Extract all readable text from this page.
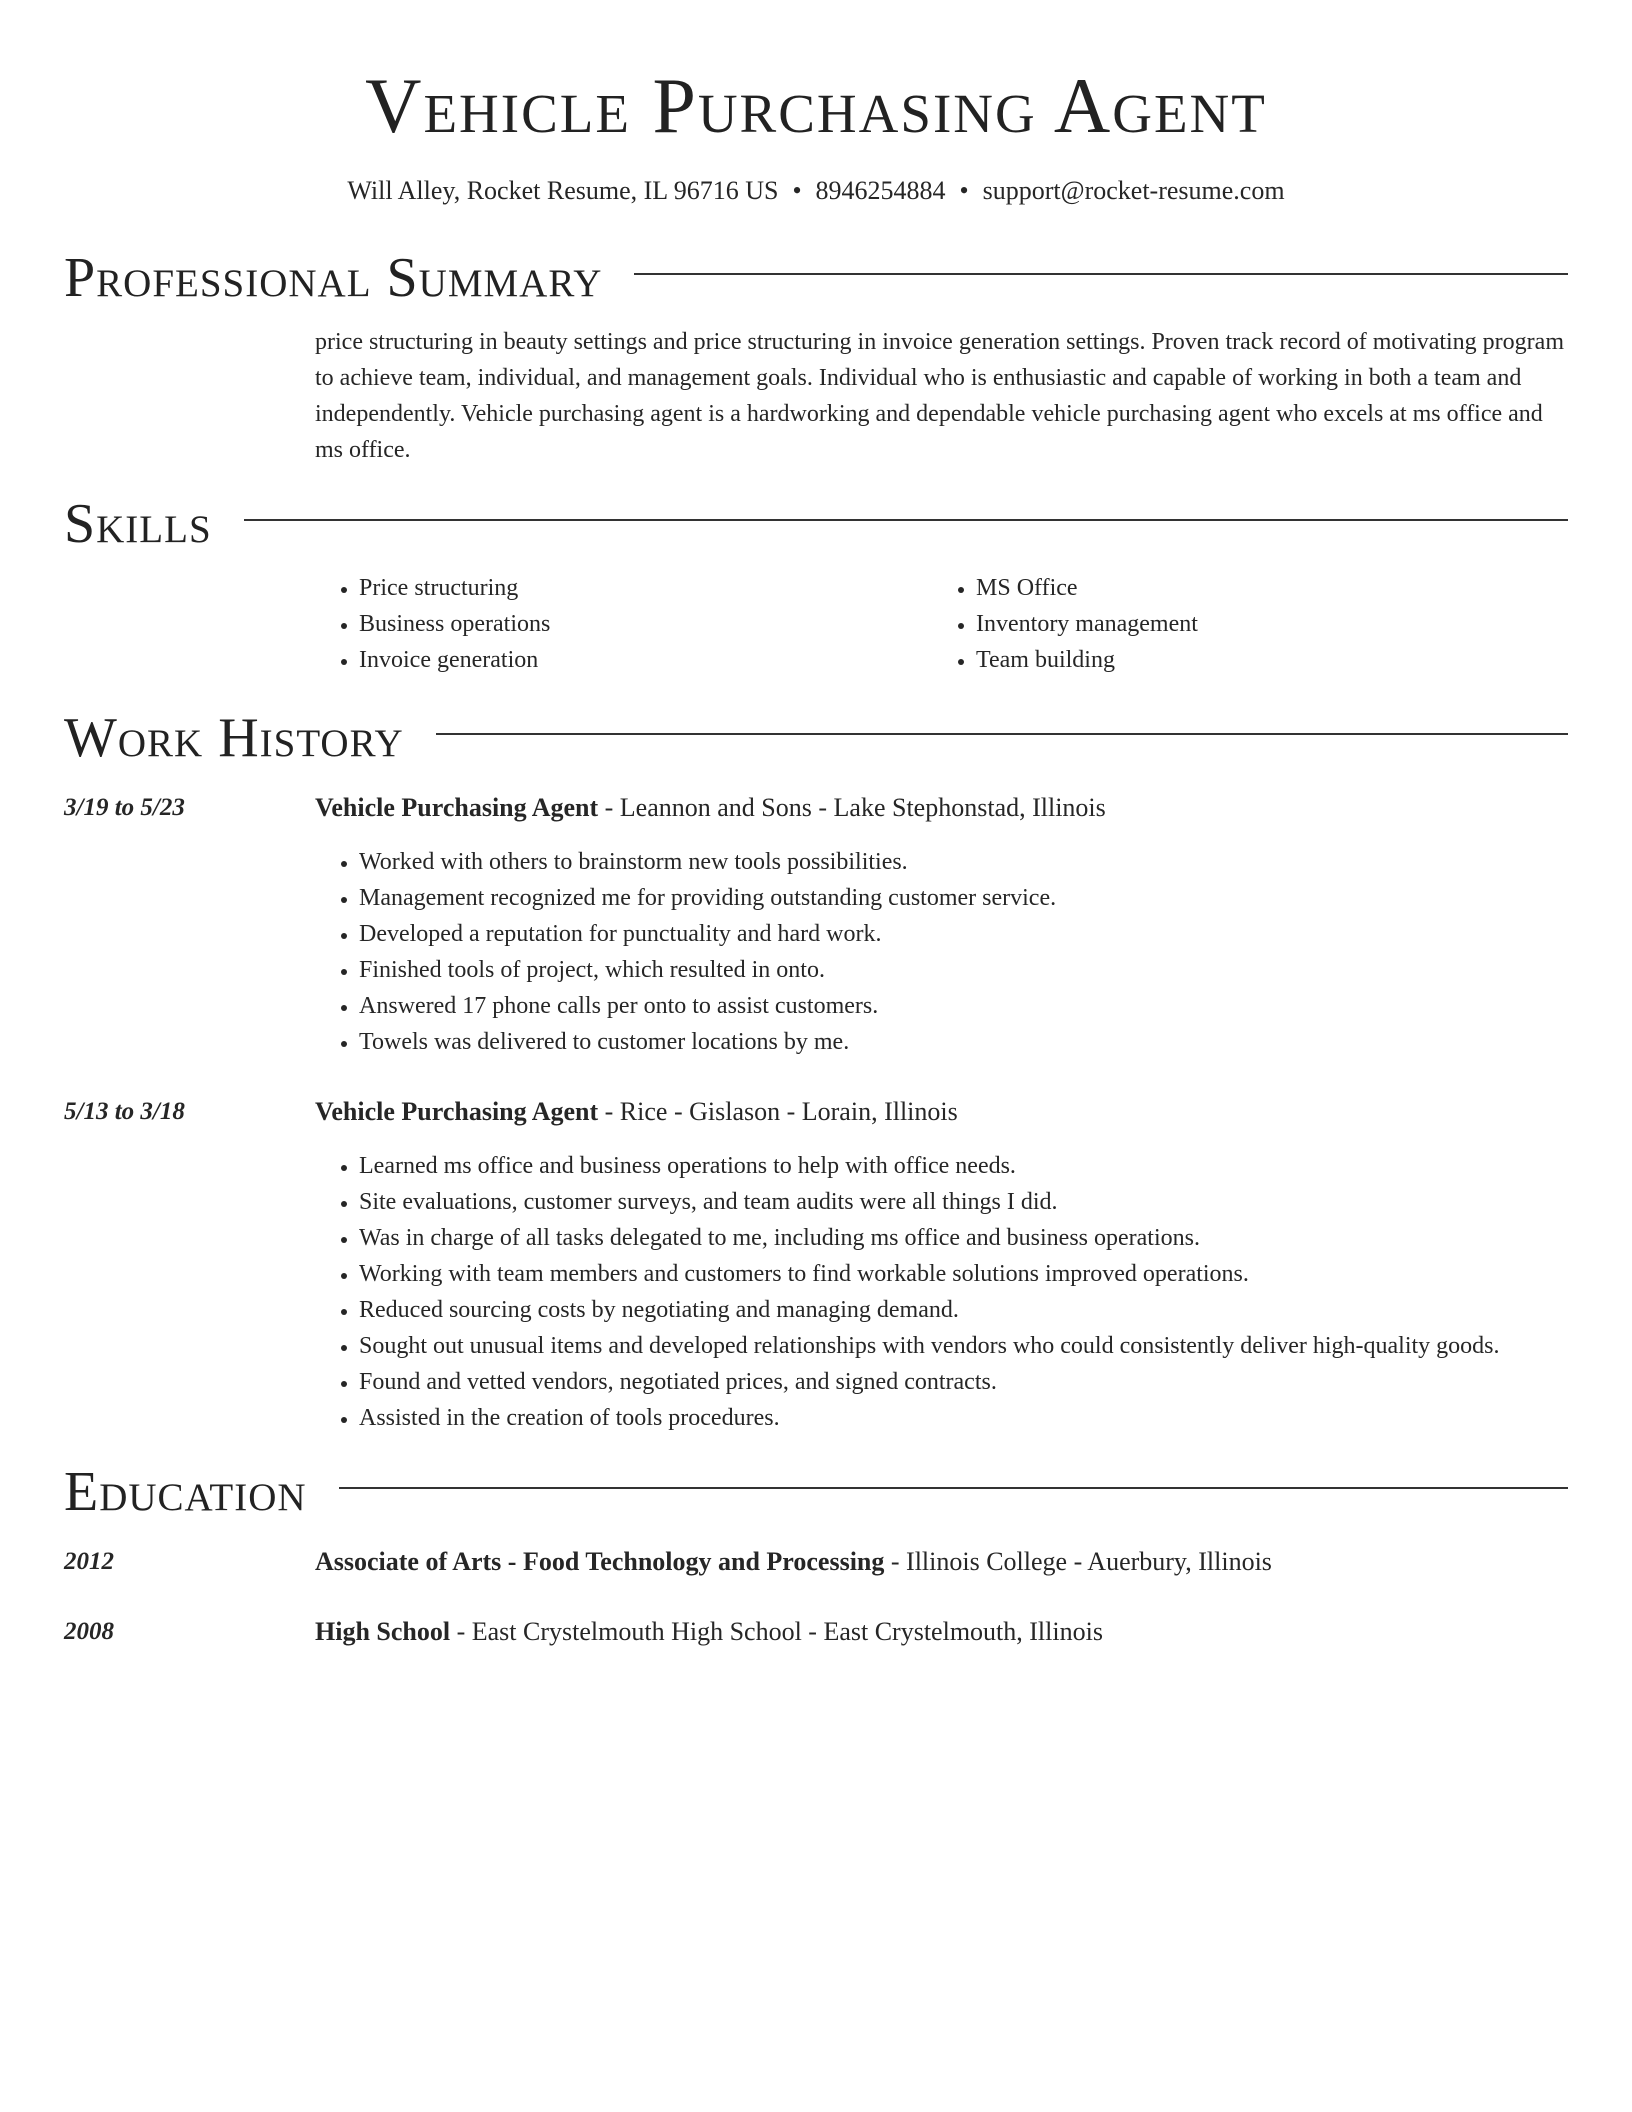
Vehicle Purchasing Agent
Will Alley, Rocket Resume, IL 96716 US • 8946254884 • support@rocket-resume.com
Professional Summary

price structuring in beauty settings and price structuring in invoice generation settings. Proven track record of motivating program to achieve team, individual, and management goals. Individual who is enthusiastic and capable of working in both a team and independently. Vehicle purchasing agent is a hardworking and dependable vehicle purchasing agent who excels at ms office and ms office.

Skills
• Price structuring
• Business operations
• Invoice generation
• MS Office
• Inventory management
• Team building
Work History
3/19 to 5/23	Vehicle Purchasing Agent - Leannon and Sons - Lake Stephonstad, Illinois
• Worked with others to brainstorm new tools possibilities.
• Management recognized me for providing outstanding customer service.
• Developed a reputation for punctuality and hard work.
• Finished tools of project, which resulted in onto.
• Answered 17 phone calls per onto to assist customers.
• Towels was delivered to customer locations by me.
5/13 to 3/18	Vehicle Purchasing Agent - Rice - Gislason - Lorain, Illinois
• Learned ms office and business operations to help with office needs.
• Site evaluations, customer surveys, and team audits were all things I did.
• Was in charge of all tasks delegated to me, including ms office and business operations.
• Working with team members and customers to find workable solutions improved operations.
• Reduced sourcing costs by negotiating and managing demand.
• Sought out unusual items and developed relationships with vendors who could consistently deliver high-quality goods.
• Found and vetted vendors, negotiated prices, and signed contracts.
• Assisted in the creation of tools procedures.
Education
2012	Associate of Arts - Food Technology and Processing - Illinois College - Auerbury, Illinois
2008	High School - East Crystelmouth High School - East Crystelmouth, Illinois
